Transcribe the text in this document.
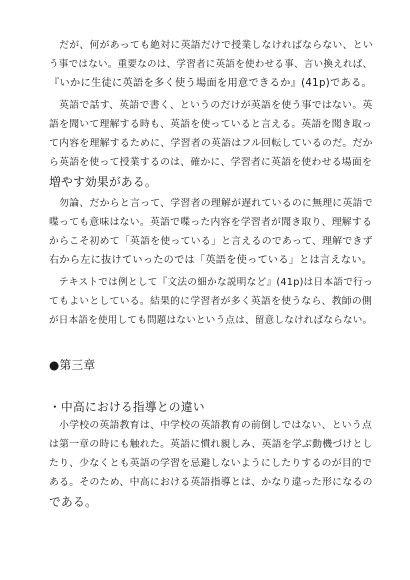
　だが、何があっても絶対に英語だけで授業しなければならない、とい
う事ではない。重要なのは、学習者に英語を使わせる事、言い換えれば、
『いかに生徒に英語を多く使う場面を用意できるか』(41p)である。
　英語で話す、英語で書く、というのだけが英語を使う事ではない。英
語を聞いて理解する時も、英語を使っていると言える。英語を聞き取っ
て内容を理解するために、学習者の英語はフル回転しているのだ。だか
ら英語を使って授業するのは、確かに、学習者に英語を使わせる場面を
増やす効果がある。
　勿論、だからと言って、学習者の理解が遅れているのに無理に英語で
喋っても意味はない。英語で喋った内容を学習者が聞き取り、理解する
からこそ初めて「英語を使っている」と言えるのであって、理解できず
右から左に抜けていったのでは「英語を使っている」とは言えない。
　テキストでは例として『文法の細かな説明など』(41p)は日本語で行っ
てもよいとしている。結果的に学習者が多く英語を使うなら、教師の側
が日本語を使用しても問題はないという点は、留意しなければならない。
●第三章
・中高における指導との違い
　小学校の英語教育は、中学校の英語教育の前倒しではない、という点
は第一章の時にも触れた。英語に慣れ親しみ、英語を学ぶ動機づけとし
たり、少なくとも英語の学習を忌避しないようにしたりするのが目的で
ある。そのため、中高における英語指導とは、かなり違った形になるの
である。
